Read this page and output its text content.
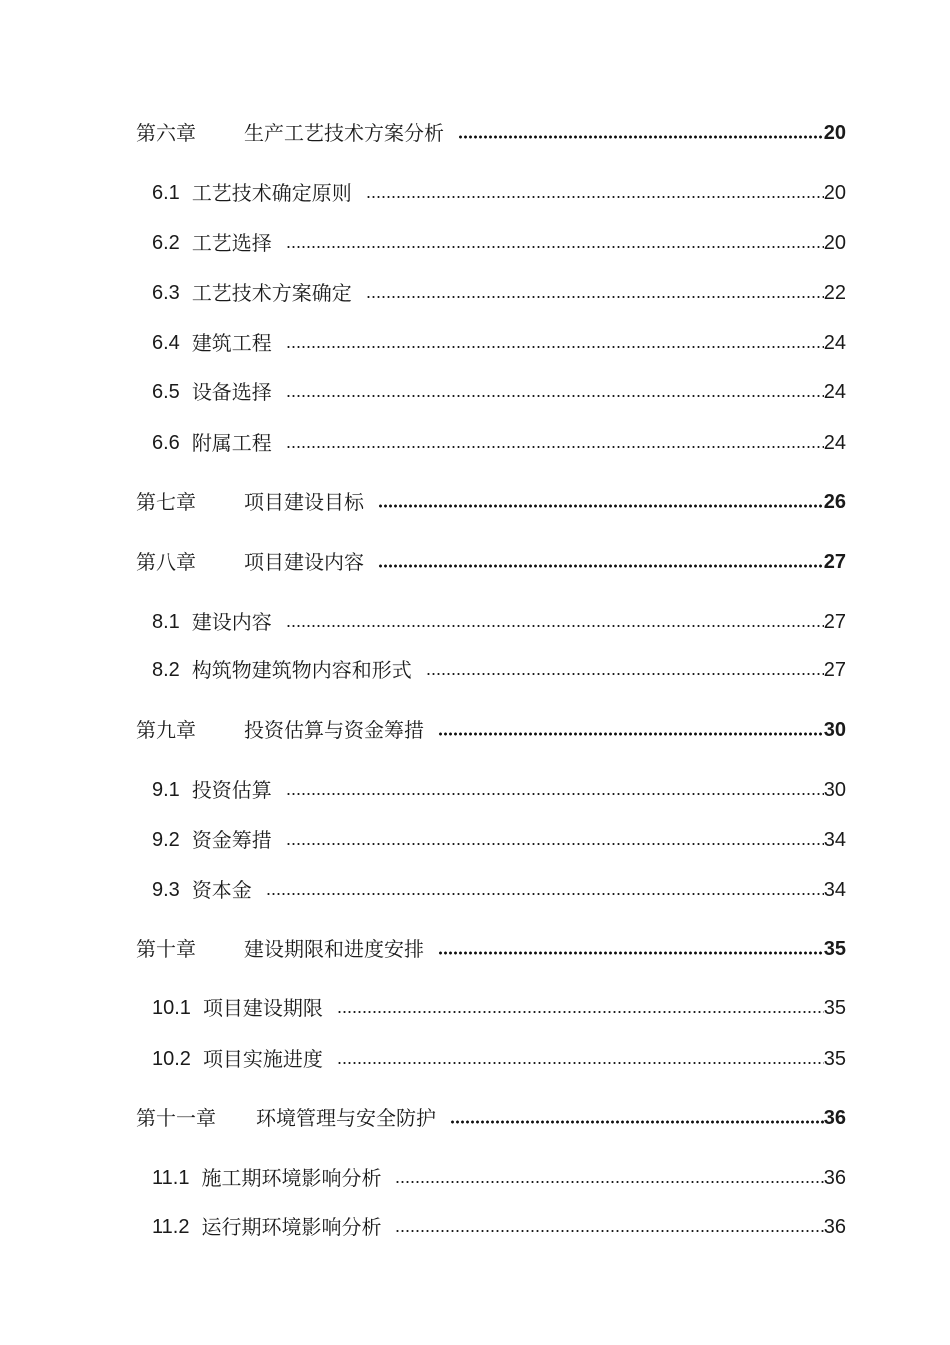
第六章	生产工艺技术方案分析	20
6.1 工艺技术确定原则	20
6.2 工艺选择	20
6.3 工艺技术方案确定	22
6.4 建筑工程	24
6.5 设备选择	24
6.6 附属工程	24
第七章	项目建设目标	26
第八章	项目建设内容	27
8.1 建设内容	27
8.2 构筑物建筑物内容和形式	27
第九章	投资估算与资金筹措	30
9.1 投资估算	30
9.2 资金筹措	34
9.3 资本金	34
第十章	建设期限和进度安排	35
10.1 项目建设期限	35
10.2 项目实施进度	35
第十一章	环境管理与安全防护	36
11.1 施工期环境影响分析	36
11.2 运行期环境影响分析	36
